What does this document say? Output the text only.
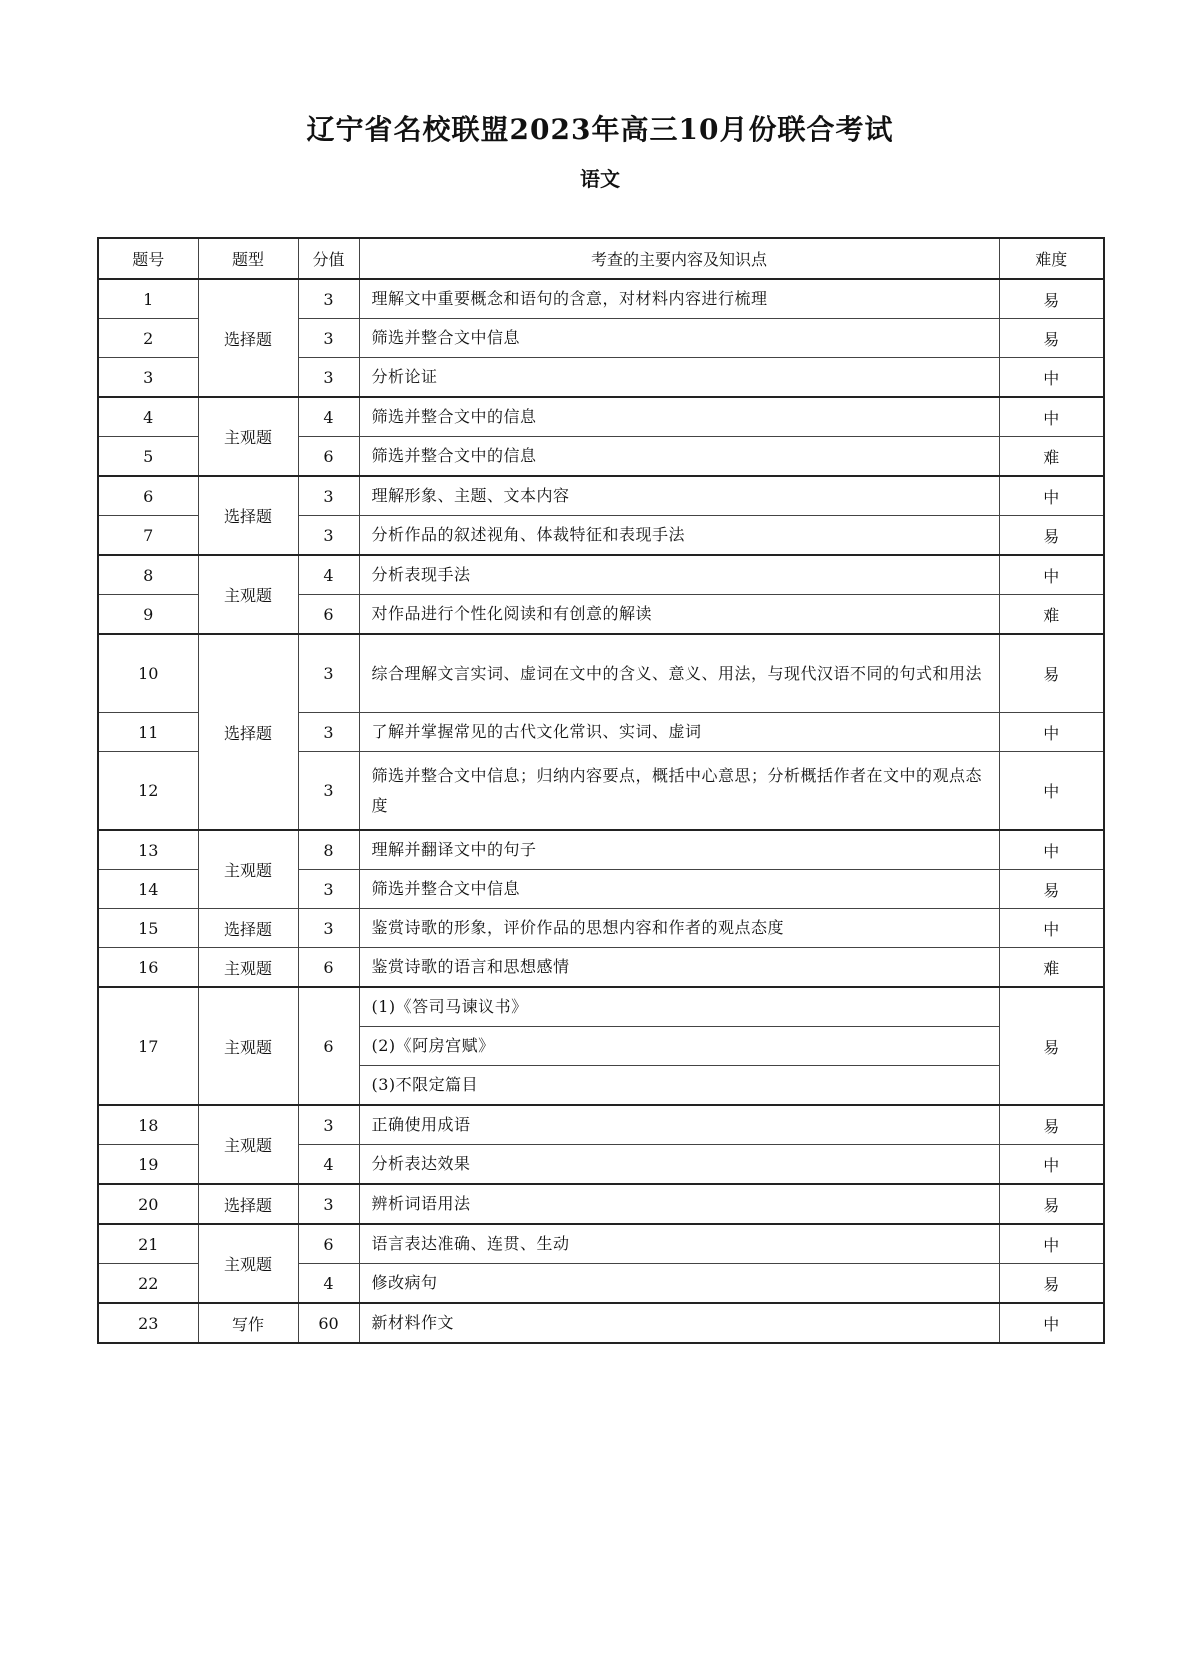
辽宁省名校联盟2023年高三10月份联合考试
语文
题号	题型	分值	考查的主要内容及知识点	难度
1	选择题	3	理解文中重要概念和语句的含意，对材料内容进行梳理	易
2		3	筛选并整合文中信息	易
3		3	分析论证	中
4	主观题	4	筛选并整合文中的信息	中
5		6	筛选并整合文中的信息	难
6	选择题	3	理解形象、主题、文本内容	中
7		3	分析作品的叙述视角、体裁特征和表现手法	易
8	主观题	4	分析表现手法	中
9		6	对作品进行个性化阅读和有创意的解读	难
10	选择题	3	综合理解文言实词、虚词在文中的含义、意义、用法，与现代汉语不同的句式和用法	易
11		3	了解并掌握常见的古代文化常识、实词、虚词	中
12		3	筛选并整合文中信息；归纳内容要点，概括中心意思；分析概括作者在文中的观点态度	中
13	主观题	8	理解并翻译文中的句子	中
14		3	筛选并整合文中信息	易
15	选择题	3	鉴赏诗歌的形象，评价作品的思想内容和作者的观点态度	中
16	主观题	6	鉴赏诗歌的语言和思想感情	难
17	主观题	6	(1)《答司马谏议书》	易
			(2)《阿房宫赋》	
			(3)不限定篇目	
18	主观题	3	正确使用成语	易
19		4	分析表达效果	中
20	选择题	3	辨析词语用法	易
21	主观题	6	语言表达准确、连贯、生动	中
22		4	修改病句	易
23	写作	60	新材料作文	中
